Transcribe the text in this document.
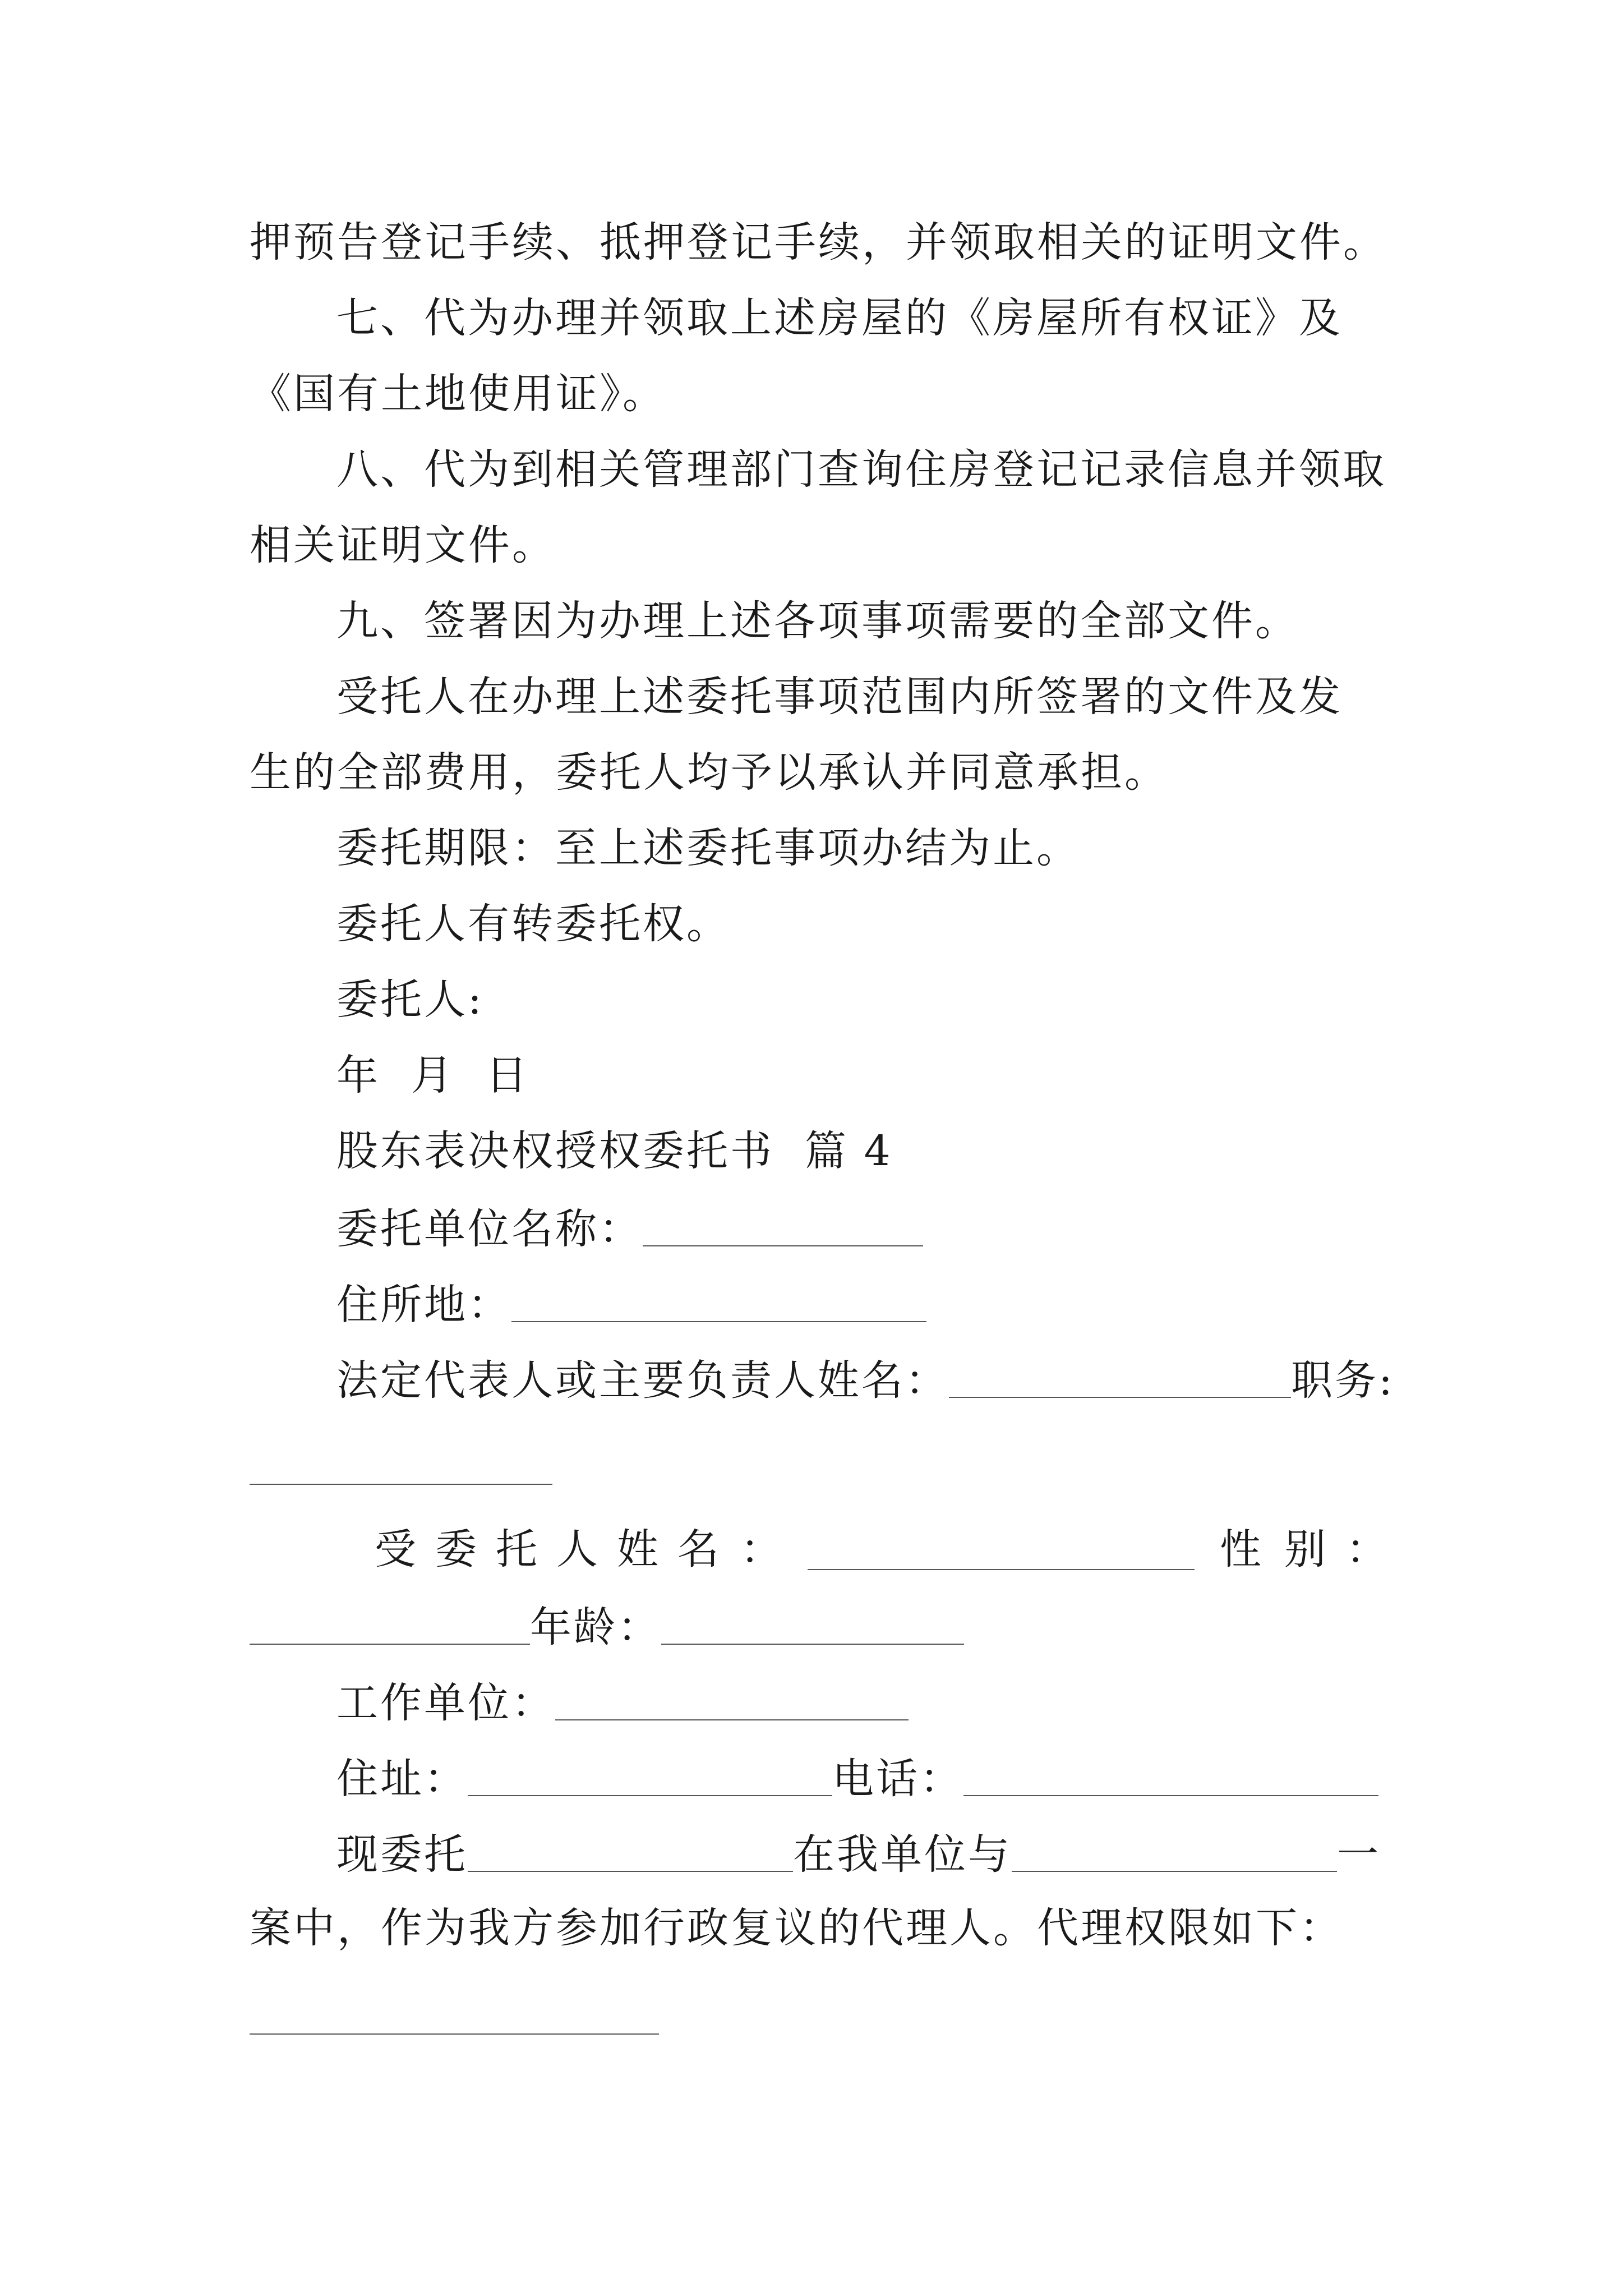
押预告登记手续、抵押登记手续，并领取相关的证明文件。
七、代为办理并领取上述房屋的《房屋所有权证》及
《国有土地使用证》。
八、代为到相关管理部门查询住房登记记录信息并领取
相关证明文件。
九、签署因为办理上述各项事项需要的全部文件。
受托人在办理上述委托事项范围内所签署的文件及发
生的全部费用，委托人均予以承认并同意承担。
委托期限：至上述委托事项办结为止。
委托人有转委托权。
委托人:
年  月  日
股东表决权授权委托书  篇 4
委托单位名称：
住所地：
法定代表人或主要负责人姓名：	职务:
受 委 托 人 姓 名 ：	性 别 ：
年龄：
工作单位：
住址：	电话：
现委托	在我单位与	一
案中，作为我方参加行政复议的代理人。代理权限如下：
